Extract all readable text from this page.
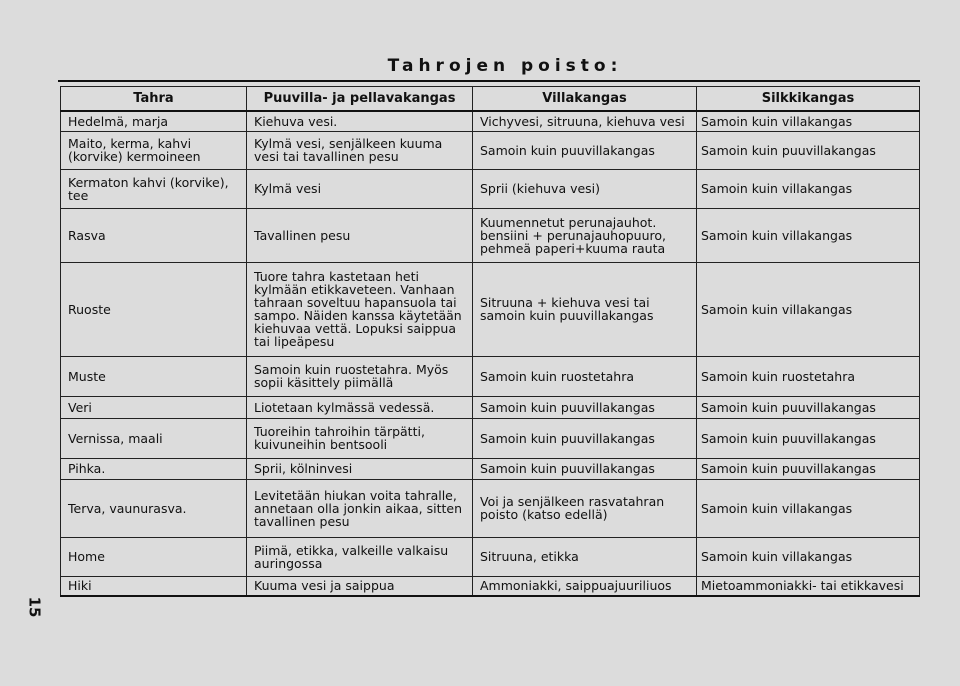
Tahrojen poisto:
15
Tahra	Puuvilla- ja pellavakangas	Villakangas	Silkkikangas
Hedelmä, marja	Kiehuva vesi.	Vichyvesi, sitruuna, kiehuva vesi	Samoin kuin villakangas
Maito, kerma, kahvi (korvike) kermoineen	Kylmä vesi, senjälkeen kuuma vesi tai tavallinen pesu	Samoin kuin puuvillakangas	Samoin kuin puuvillakangas
Kermaton kahvi (korvike), tee	Kylmä vesi	Sprii (kiehuva vesi)	Samoin kuin villakangas
Rasva	Tavallinen pesu	Kuumennetut perunajauhot. bensiini + perunajauhopuuro, pehmeä paperi+kuuma rauta	Samoin kuin villakangas
Ruoste	Tuore tahra kastetaan heti kylmään etikkaveteen. Vanhaan tahraan soveltuu hapansuola tai sampo. Näiden kanssa käytetään kiehuvaa vettä. Lopuksi saippua tai lipeäpesu	Sitruuna + kiehuva vesi tai samoin kuin puuvillakangas	Samoin kuin villakangas
Muste	Samoin kuin ruostetahra. Myös sopii käsittely piimällä	Samoin kuin ruostetahra	Samoin kuin ruostetahra
Veri	Liotetaan kylmässä vedessä.	Samoin kuin puuvillakangas	Samoin kuin puuvillakangas
Vernissa, maali	Tuoreihin tahroihin tärpätti, kuivuneihin bentsooli	Samoin kuin puuvillakangas	Samoin kuin puuvillakangas
Pihka.	Sprii, kölninvesi	Samoin kuin puuvillakangas	Samoin kuin puuvillakangas
Terva, vaunurasva.	Levitetään hiukan voita tahralle, annetaan olla jonkin aikaa, sitten tavallinen pesu	Voi ja senjälkeen rasvatahran poisto (katso edellä)	Samoin kuin villakangas
Home	Piimä, etikka, valkeille valkaisu auringossa	Sitruuna, etikka	Samoin kuin villakangas
Hiki	Kuuma vesi ja saippua	Ammoniakki, saippuajuuriliuos	Mietoammoniakki- tai etikkavesi
